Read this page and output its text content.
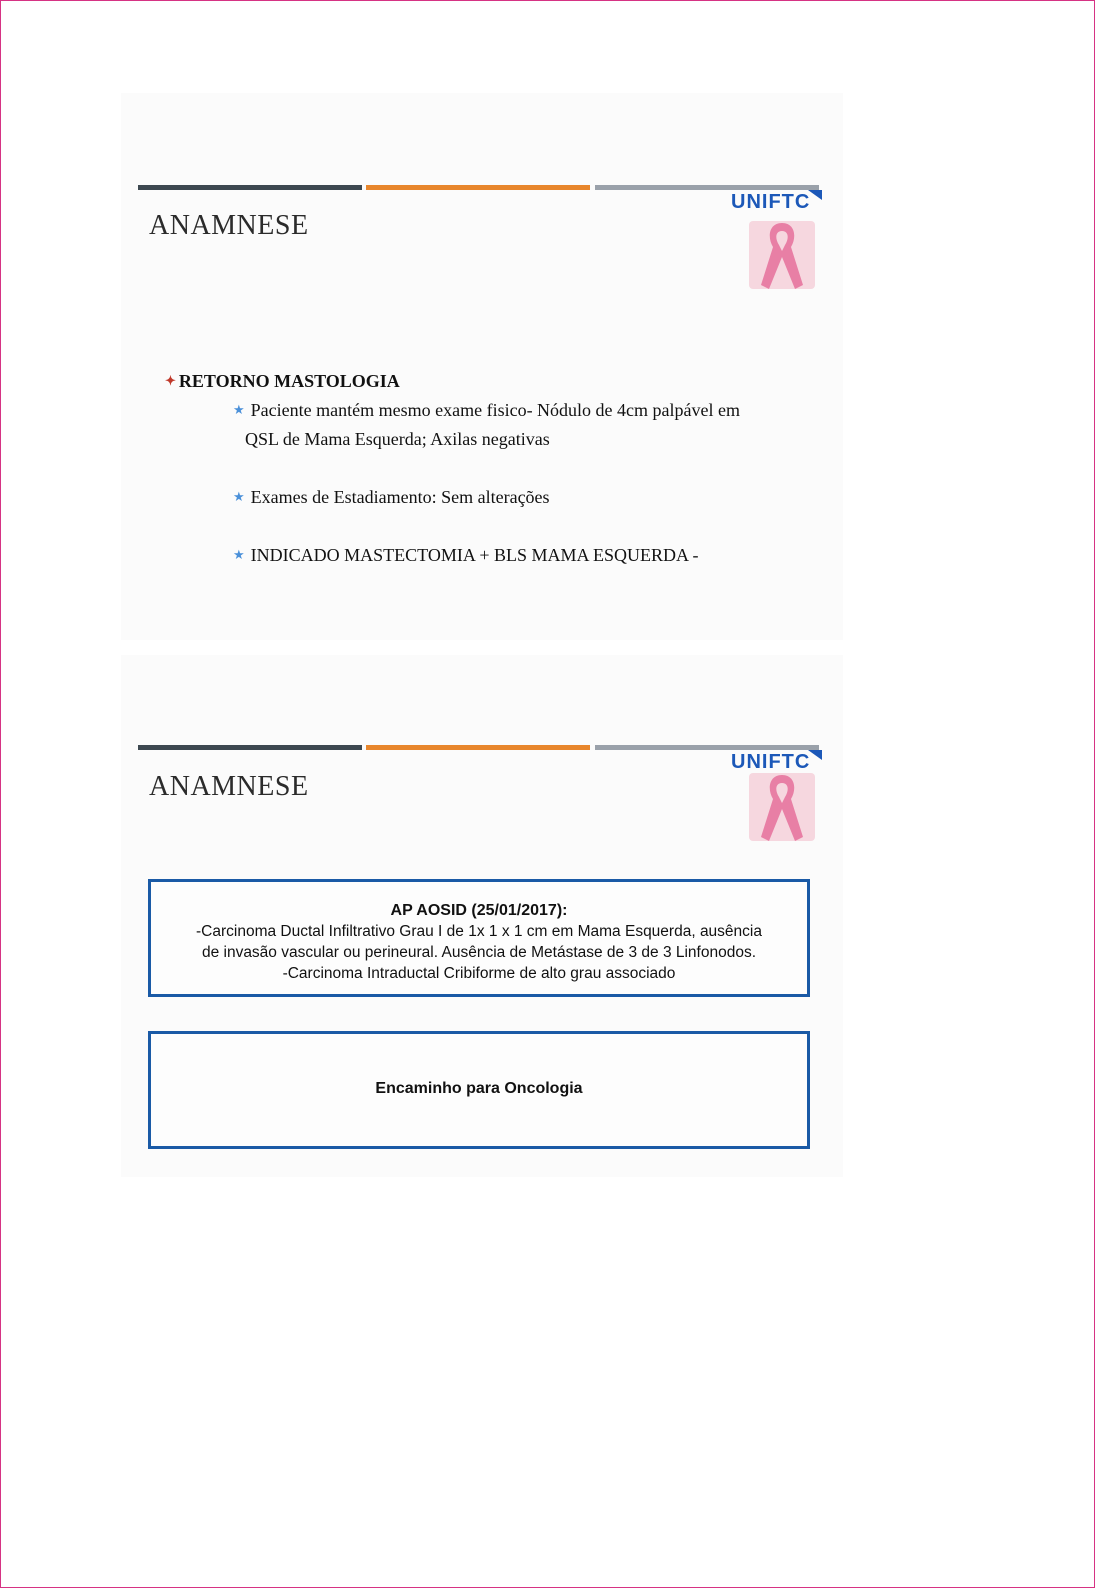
ANAMNESE
UNIFTC
✦ RETORNO MASTOLOGIA
★ Paciente mantém mesmo exame fisico- Nódulo de 4cm palpável em
QSL de Mama Esquerda; Axilas negativas
★ Exames de Estadiamento: Sem alterações
★ INDICADO MASTECTOMIA + BLS MAMA ESQUERDA -
ANAMNESE
UNIFTC
AP AOSID (25/01/2017):
-Carcinoma Ductal Infiltrativo Grau I de 1x 1 x 1 cm em Mama Esquerda, ausência
de invasão vascular ou perineural. Ausência de Metástase de 3 de 3 Linfonodos.
-Carcinoma Intraductal Cribiforme de alto grau associado
Encaminho para Oncologia
